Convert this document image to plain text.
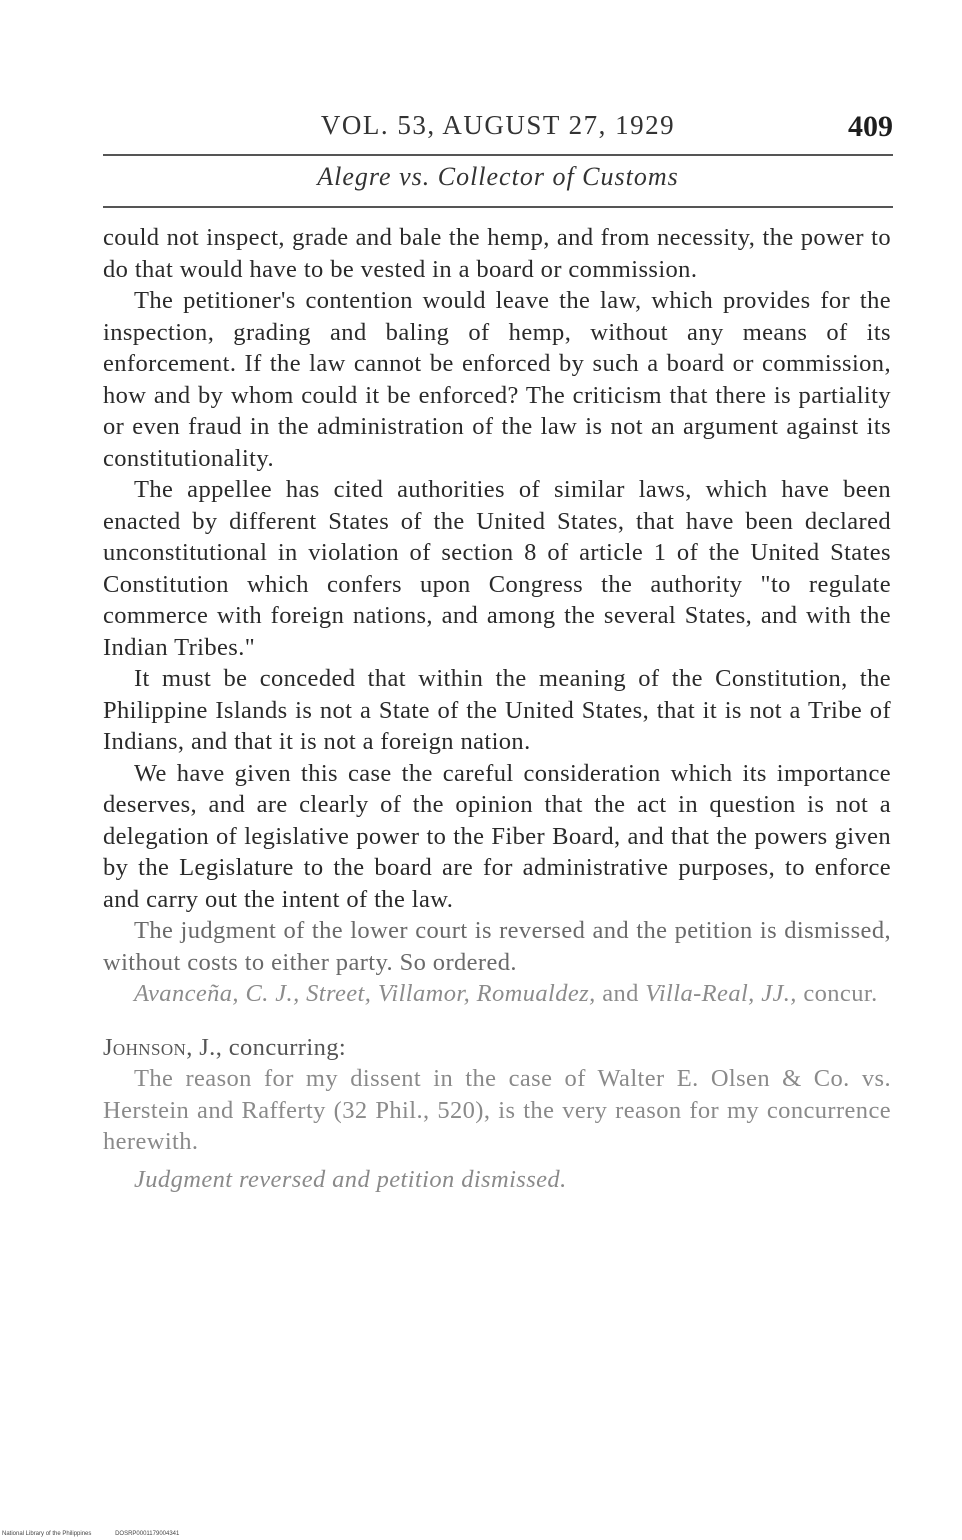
VOL. 53, AUGUST 27, 1929	409
Alegre vs. Collector of Customs

could not inspect, grade and bale the hemp, and from necessity, the power to do that would have to be vested in a board or commission.

The petitioner's contention would leave the law, which provides for the inspection, grading and baling of hemp, without any means of its enforcement. If the law cannot be enforced by such a board or commission, how and by whom could it be enforced? The criticism that there is partiality or even fraud in the administration of the law is not an argument against its constitutionality.

The appellee has cited authorities of similar laws, which have been enacted by different States of the United States, that have been declared unconstitutional in violation of section 8 of article 1 of the United States Constitution which confers upon Congress the authority "to regulate commerce with foreign nations, and among the several States, and with the Indian Tribes."

It must be conceded that within the meaning of the Constitution, the Philippine Islands is not a State of the United States, that it is not a Tribe of Indians, and that it is not a foreign nation.

We have given this case the careful consideration which its importance deserves, and are clearly of the opinion that the act in question is not a delegation of legislative power to the Fiber Board, and that the powers given by the Legislature to the board are for administrative purposes, to enforce and carry out the intent of the law.

The judgment of the lower court is reversed and the petition is dismissed, without costs to either party. So ordered.

Avanceña, C. J., Street, Villamor, Romualdez, and Villa-Real, JJ., concur.

Johnson, J., concurring:

The reason for my dissent in the case of Walter E. Olsen & Co. vs. Herstein and Rafferty (32 Phil., 520), is the very reason for my concurrence herewith.

Judgment reversed and petition dismissed.

National Library of the Philippines	DOSRP0001179004341
